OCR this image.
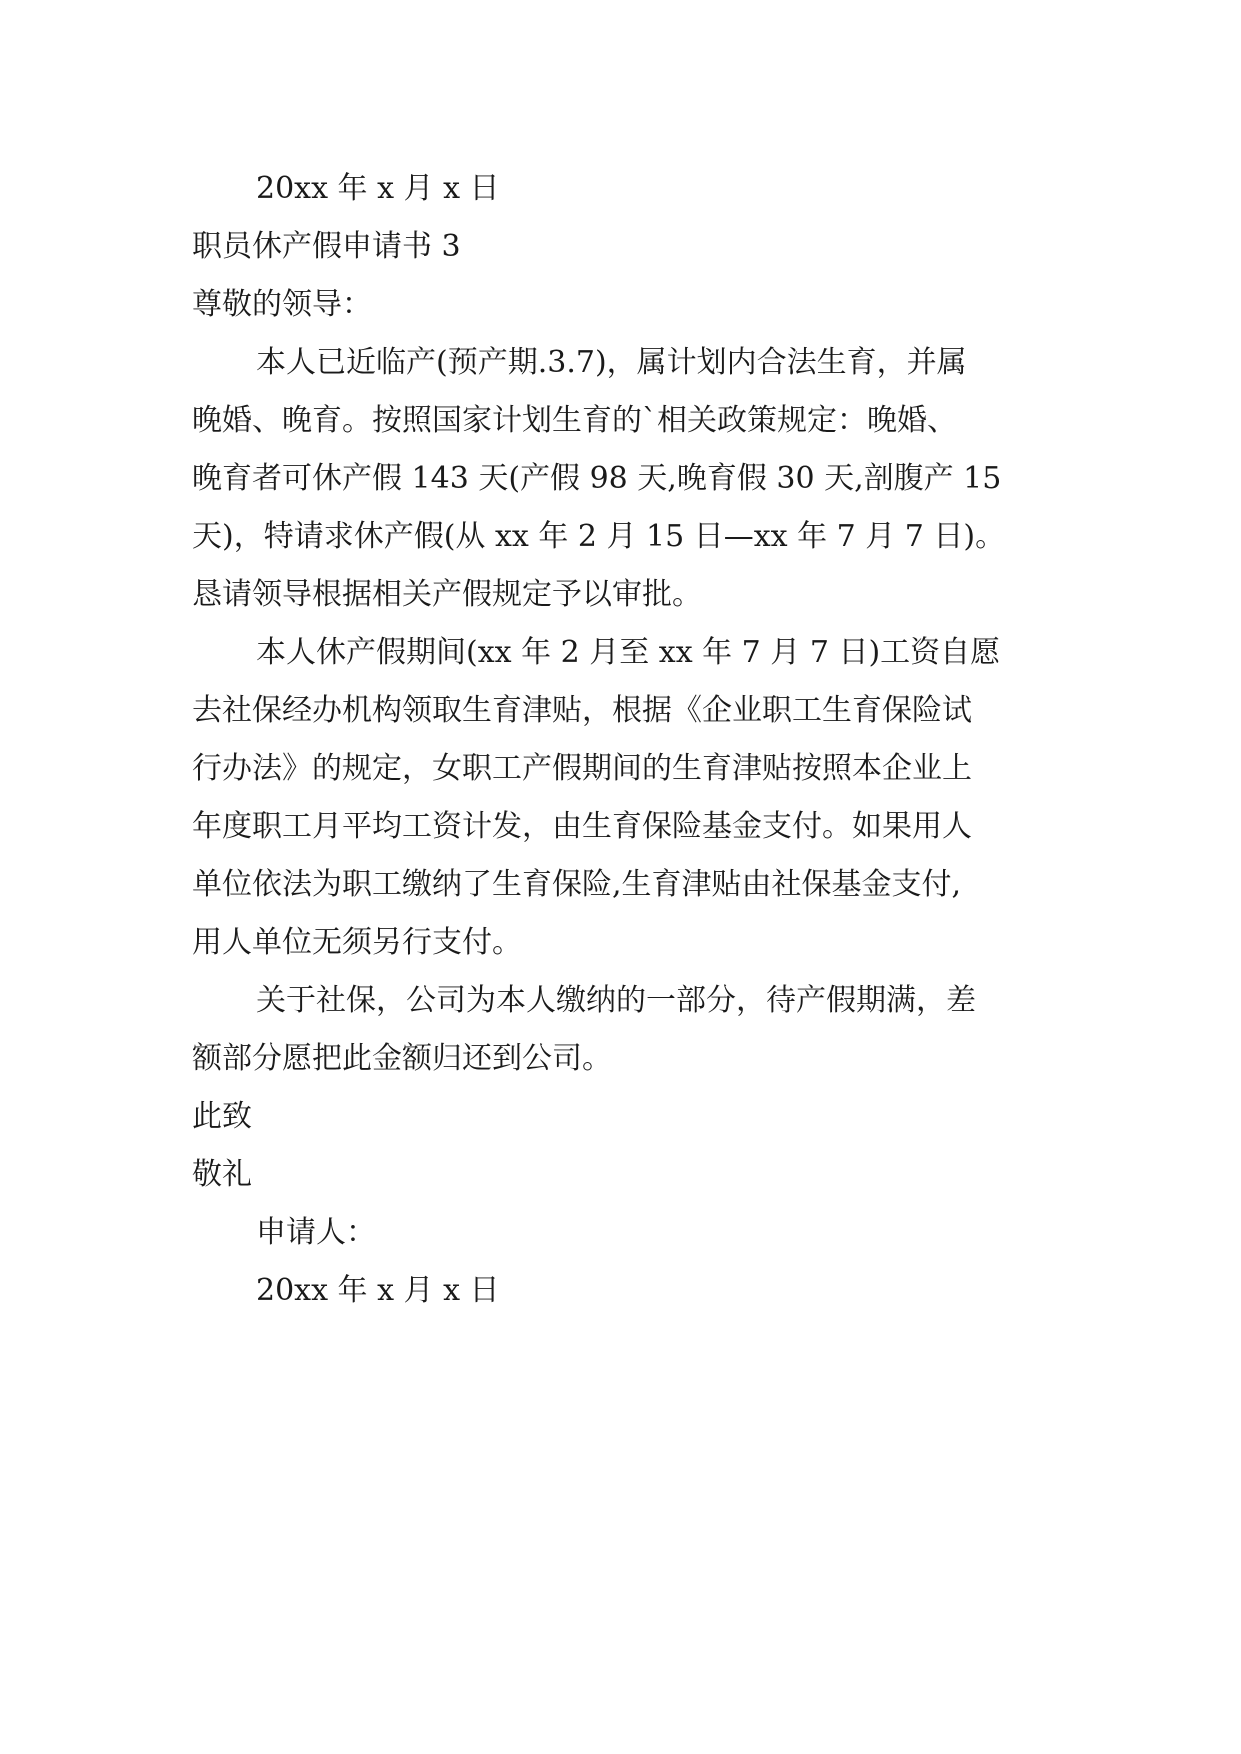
20xx 年 x 月 x 日
职员休产假申请书 3
尊敬的领导：
本人已近临产(预产期.3.7)，属计划内合法生育，并属
晚婚、晚育。按照国家计划生育的`相关政策规定：晚婚、
晚育者可休产假 143 天(产假 98 天,晚育假 30 天,剖腹产 15
天)，特请求休产假(从 xx 年 2 月 15 日—xx 年 7 月 7 日)。
恳请领导根据相关产假规定予以审批。
本人休产假期间(xx 年 2 月至 xx 年 7 月 7 日)工资自愿
去社保经办机构领取生育津贴，根据《企业职工生育保险试
行办法》的规定，女职工产假期间的生育津贴按照本企业上
年度职工月平均工资计发，由生育保险基金支付。如果用人
单位依法为职工缴纳了生育保险,生育津贴由社保基金支付,
用人单位无须另行支付。
关于社保，公司为本人缴纳的一部分，待产假期满，差
额部分愿把此金额归还到公司。
此致
敬礼
申请人：
20xx 年 x 月 x 日
